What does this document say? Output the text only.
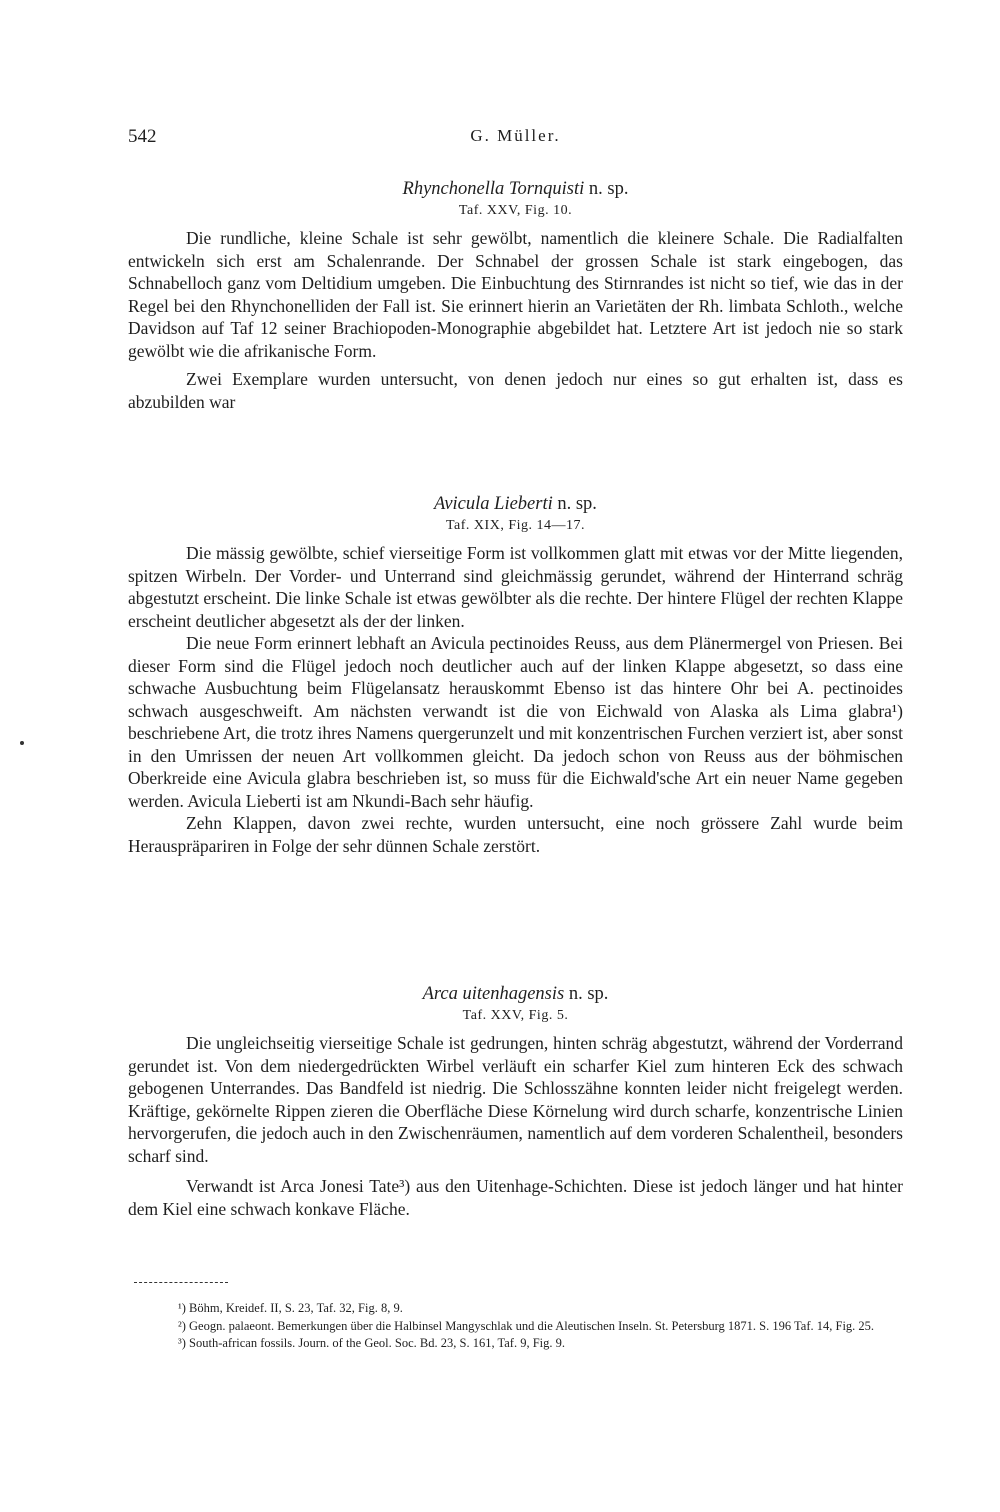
542	G. Müller.
Rhynchonella Tornquisti n. sp.
Taf. XXV, Fig. 10.

Die rundliche, kleine Schale ist sehr gewölbt, namentlich die kleinere Schale. Die Radialfalten entwickeln sich erst am Schalenrande. Der Schnabel der grossen Schale ist stark eingebogen, das Schnabelloch ganz vom Deltidium umgeben. Die Einbuchtung des Stirnrandes ist nicht so tief, wie das in der Regel bei den Rhynchonelliden der Fall ist. Sie erinnert hierin an Varietäten der Rh. limbata Schloth., welche Davidson auf Taf 12 seiner Brachiopoden-Monographie abgebildet hat. Letztere Art ist jedoch nie so stark gewölbt wie die afrikanische Form.

Zwei Exemplare wurden untersucht, von denen jedoch nur eines so gut erhalten ist, dass es abzubilden war

Avicula Lieberti n. sp.
Taf. XIX, Fig. 14—17.

Die mässig gewölbte, schief vierseitige Form ist vollkommen glatt mit etwas vor der Mitte liegenden, spitzen Wirbeln. Der Vorder- und Unterrand sind gleichmässig gerundet, während der Hinterrand schräg abgestutzt erscheint. Die linke Schale ist etwas gewölbter als die rechte. Der hintere Flügel der rechten Klappe erscheint deutlicher abgesetzt als der der linken.

Die neue Form erinnert lebhaft an Avicula pectinoides Reuss, aus dem Plänermergel von Priesen. Bei dieser Form sind die Flügel jedoch noch deutlicher auch auf der linken Klappe abgesetzt, so dass eine schwache Ausbuchtung beim Flügelansatz herauskommt Ebenso ist das hintere Ohr bei A. pectinoides schwach ausgeschweift. Am nächsten verwandt ist die von Eichwald von Alaska als Lima glabra¹) beschriebene Art, die trotz ihres Namens quergerunzelt und mit konzentrischen Furchen verziert ist, aber sonst in den Umrissen der neuen Art vollkommen gleicht. Da jedoch schon von Reuss aus der böhmischen Oberkreide eine Avicula glabra beschrieben ist, so muss für die Eichwald'sche Art ein neuer Name gegeben werden. Avicula Lieberti ist am Nkundi-Bach sehr häufig.

Zehn Klappen, davon zwei rechte, wurden untersucht, eine noch grössere Zahl wurde beim Herauspräpariren in Folge der sehr dünnen Schale zerstört.

Arca uitenhagensis n. sp.
Taf. XXV, Fig. 5.

Die ungleichseitig vierseitige Schale ist gedrungen, hinten schräg abgestutzt, während der Vorderrand gerundet ist. Von dem niedergedrückten Wirbel verläuft ein scharfer Kiel zum hinteren Eck des schwach gebogenen Unterrandes. Das Bandfeld ist niedrig. Die Schlosszähne konnten leider nicht freigelegt werden. Kräftige, gekörnelte Rippen zieren die Oberfläche Diese Körnelung wird durch scharfe, konzentrische Linien hervorgerufen, die jedoch auch in den Zwischenräumen, namentlich auf dem vorderen Schalentheil, besonders scharf sind.

Verwandt ist Arca Jonesi Tate³) aus den Uitenhage-Schichten. Diese ist jedoch länger und hat hinter dem Kiel eine schwach konkave Fläche.

¹) Böhm, Kreidef. II, S. 23, Taf. 32, Fig. 8, 9.
²) Geogn. palaeont. Bemerkungen über die Halbinsel Mangyschlak und die Aleutischen Inseln. St. Petersburg 1871. S. 196 Taf. 14, Fig. 25.
³) South-african fossils. Journ. of the Geol. Soc. Bd. 23, S. 161, Taf. 9, Fig. 9.
